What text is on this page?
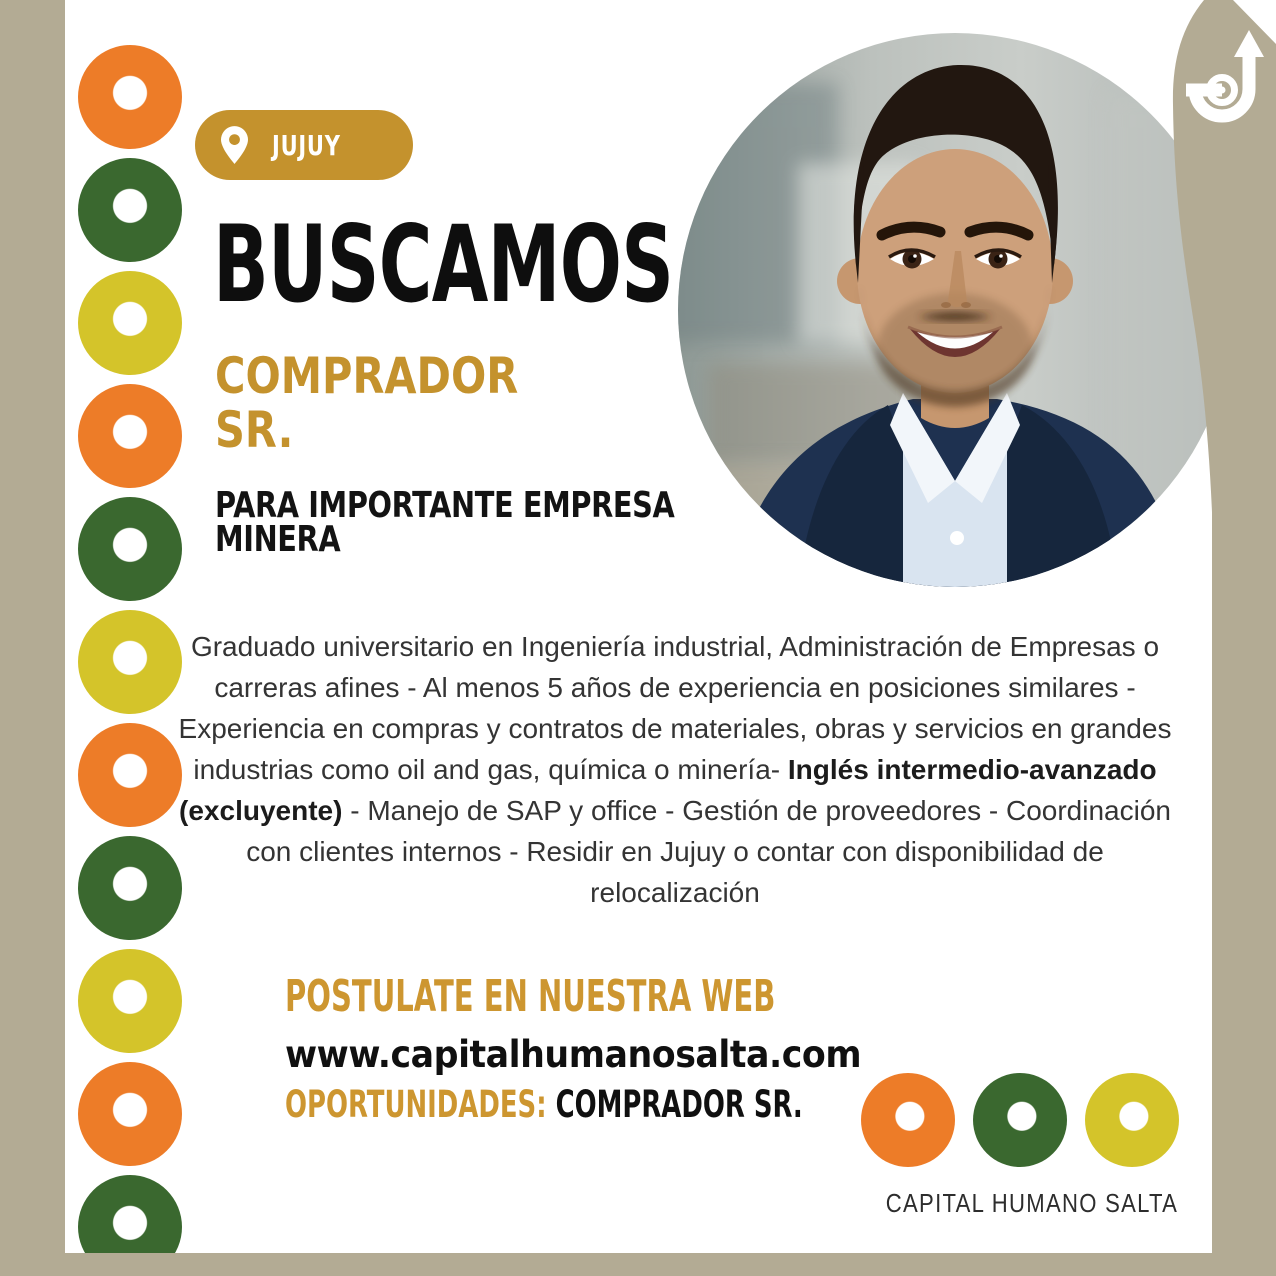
JUJUY
BUSCAMOS
COMPRADOR
SR.
PARA IMPORTANTE EMPRESA
MINERA

Graduado universitario en Ingeniería industrial, Administración de Empresas o carreras afines - Al menos 5 años de experiencia en posiciones similares - Experiencia en compras y contratos de materiales, obras y servicios en grandes industrias como oil and gas, química o minería- Inglés intermedio-avanzado (excluyente) - Manejo de SAP y office - Gestión de proveedores - Coordinación con clientes internos - Residir en Jujuy o contar con disponibilidad de relocalización

POSTULATE EN NUESTRA WEB
www.capitalhumanosalta.com
OPORTUNIDADES: COMPRADOR SR.
CAPITAL HUMANO SALTA
